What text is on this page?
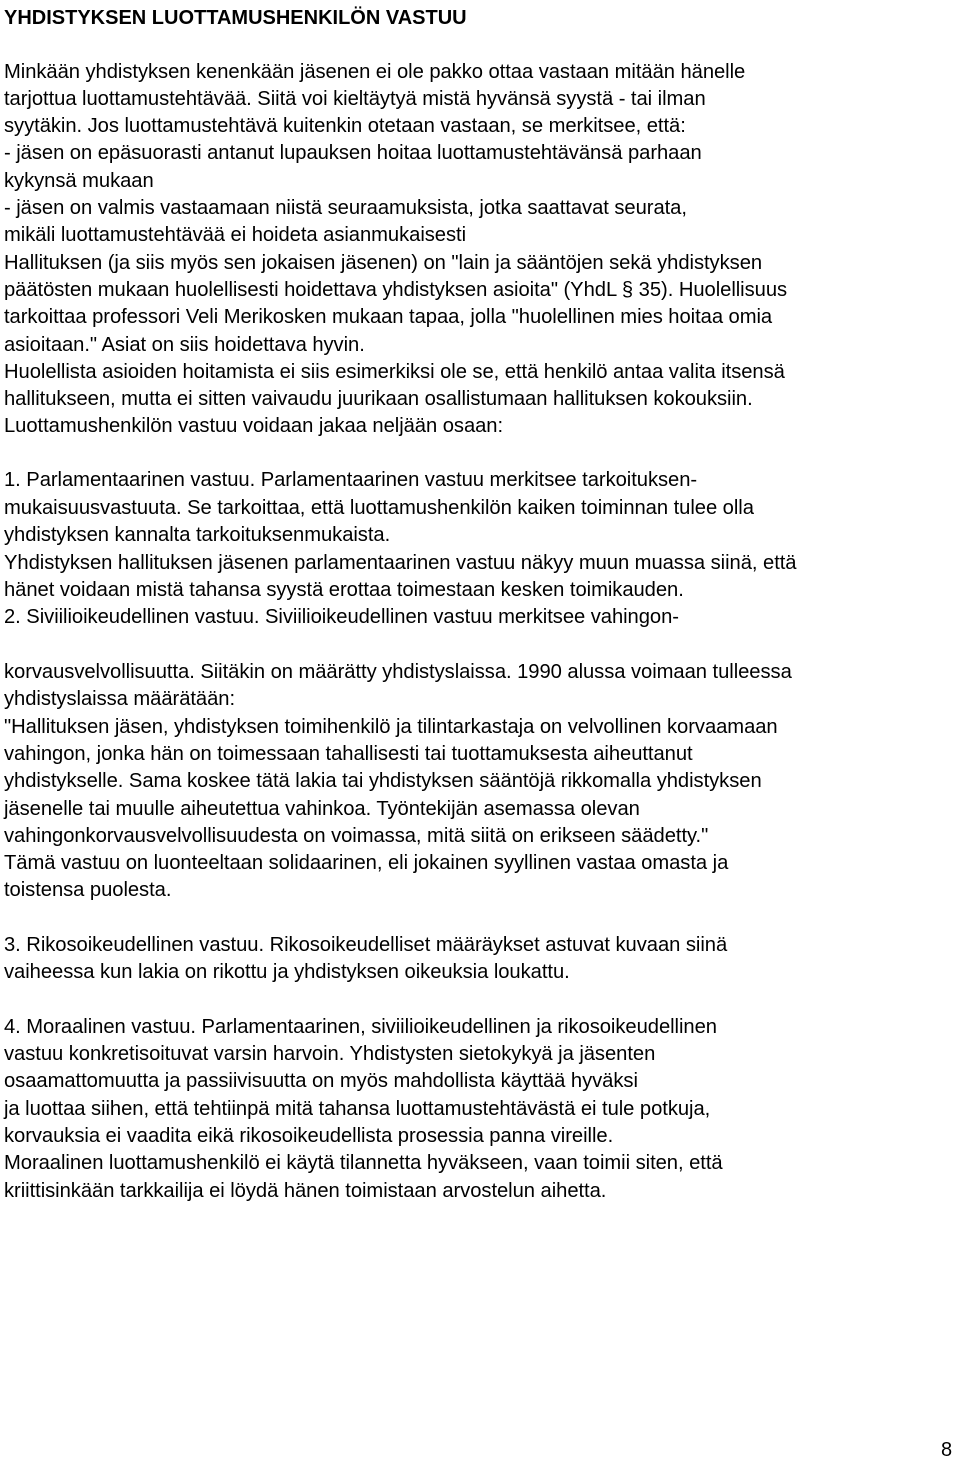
YHDISTYKSEN LUOTTAMUSHENKILÖN VASTUU
Minkään yhdistyksen kenenkään jäsenen ei ole pakko ottaa vastaan mitään hänelle
tarjottua luottamustehtävää. Siitä voi kieltäytyä mistä hyvänsä syystä - tai ilman
syytäkin. Jos luottamustehtävä kuitenkin otetaan vastaan, se merkitsee, että:
- jäsen on epäsuorasti antanut lupauksen hoitaa luottamustehtävänsä parhaan
kykynsä mukaan
- jäsen on valmis vastaamaan niistä seuraamuksista, jotka saattavat seurata,
mikäli luottamustehtävää ei hoideta asianmukaisesti
Hallituksen (ja siis myös sen jokaisen jäsenen) on "lain ja sääntöjen sekä yhdistyksen
päätösten mukaan huolellisesti hoidettava yhdistyksen asioita" (YhdL § 35). Huolellisuus
tarkoittaa professori Veli Merikosken mukaan tapaa, jolla "huolellinen mies hoitaa omia
asioitaan." Asiat on siis hoidettava hyvin.
Huolellista asioiden hoitamista ei siis esimerkiksi ole se, että henkilö antaa valita itsensä
hallitukseen, mutta ei sitten vaivaudu juurikaan osallistumaan hallituksen kokouksiin.
Luottamushenkilön vastuu voidaan jakaa neljään osaan:
1. Parlamentaarinen vastuu. Parlamentaarinen vastuu merkitsee tarkoituksen-
mukaisuusvastuuta. Se tarkoittaa, että luottamushenkilön kaiken toiminnan tulee olla
yhdistyksen kannalta tarkoituksenmukaista.
Yhdistyksen hallituksen jäsenen parlamentaarinen vastuu näkyy muun muassa siinä, että
hänet voidaan mistä tahansa syystä erottaa toimestaan kesken toimikauden.
2. Siviilioikeudellinen vastuu. Siviilioikeudellinen vastuu merkitsee vahingon-
korvausvelvollisuutta. Siitäkin on määrätty yhdistyslaissa. 1990 alussa voimaan tulleessa
yhdistyslaissa määrätään:
"Hallituksen jäsen, yhdistyksen toimihenkilö ja tilintarkastaja on velvollinen korvaamaan
vahingon, jonka hän on toimessaan tahallisesti tai tuottamuksesta aiheuttanut
yhdistykselle. Sama koskee tätä lakia tai yhdistyksen sääntöjä rikkomalla yhdistyksen
jäsenelle tai muulle aiheutettua vahinkoa. Työntekijän asemassa olevan
vahingonkorvausvelvollisuudesta on voimassa, mitä siitä on erikseen säädetty."
Tämä vastuu on luonteeltaan solidaarinen, eli jokainen syyllinen vastaa omasta ja
toistensa puolesta.
3. Rikosoikeudellinen vastuu. Rikosoikeudelliset määräykset astuvat kuvaan siinä
vaiheessa kun lakia on rikottu ja yhdistyksen oikeuksia loukattu.
4. Moraalinen vastuu. Parlamentaarinen, siviilioikeudellinen ja rikosoikeudellinen
vastuu konkretisoituvat varsin harvoin. Yhdistysten sietokykyä ja jäsenten
osaamattomuutta ja passiivisuutta on myös mahdollista käyttää hyväksi
ja luottaa siihen, että tehtiinpä mitä tahansa luottamustehtävästä ei tule potkuja,
korvauksia ei vaadita eikä rikosoikeudellista prosessia panna vireille.
Moraalinen luottamushenkilö ei käytä tilannetta hyväkseen, vaan toimii siten, että
kriittisinkään tarkkailija ei löydä hänen toimistaan arvostelun aihetta.
8
